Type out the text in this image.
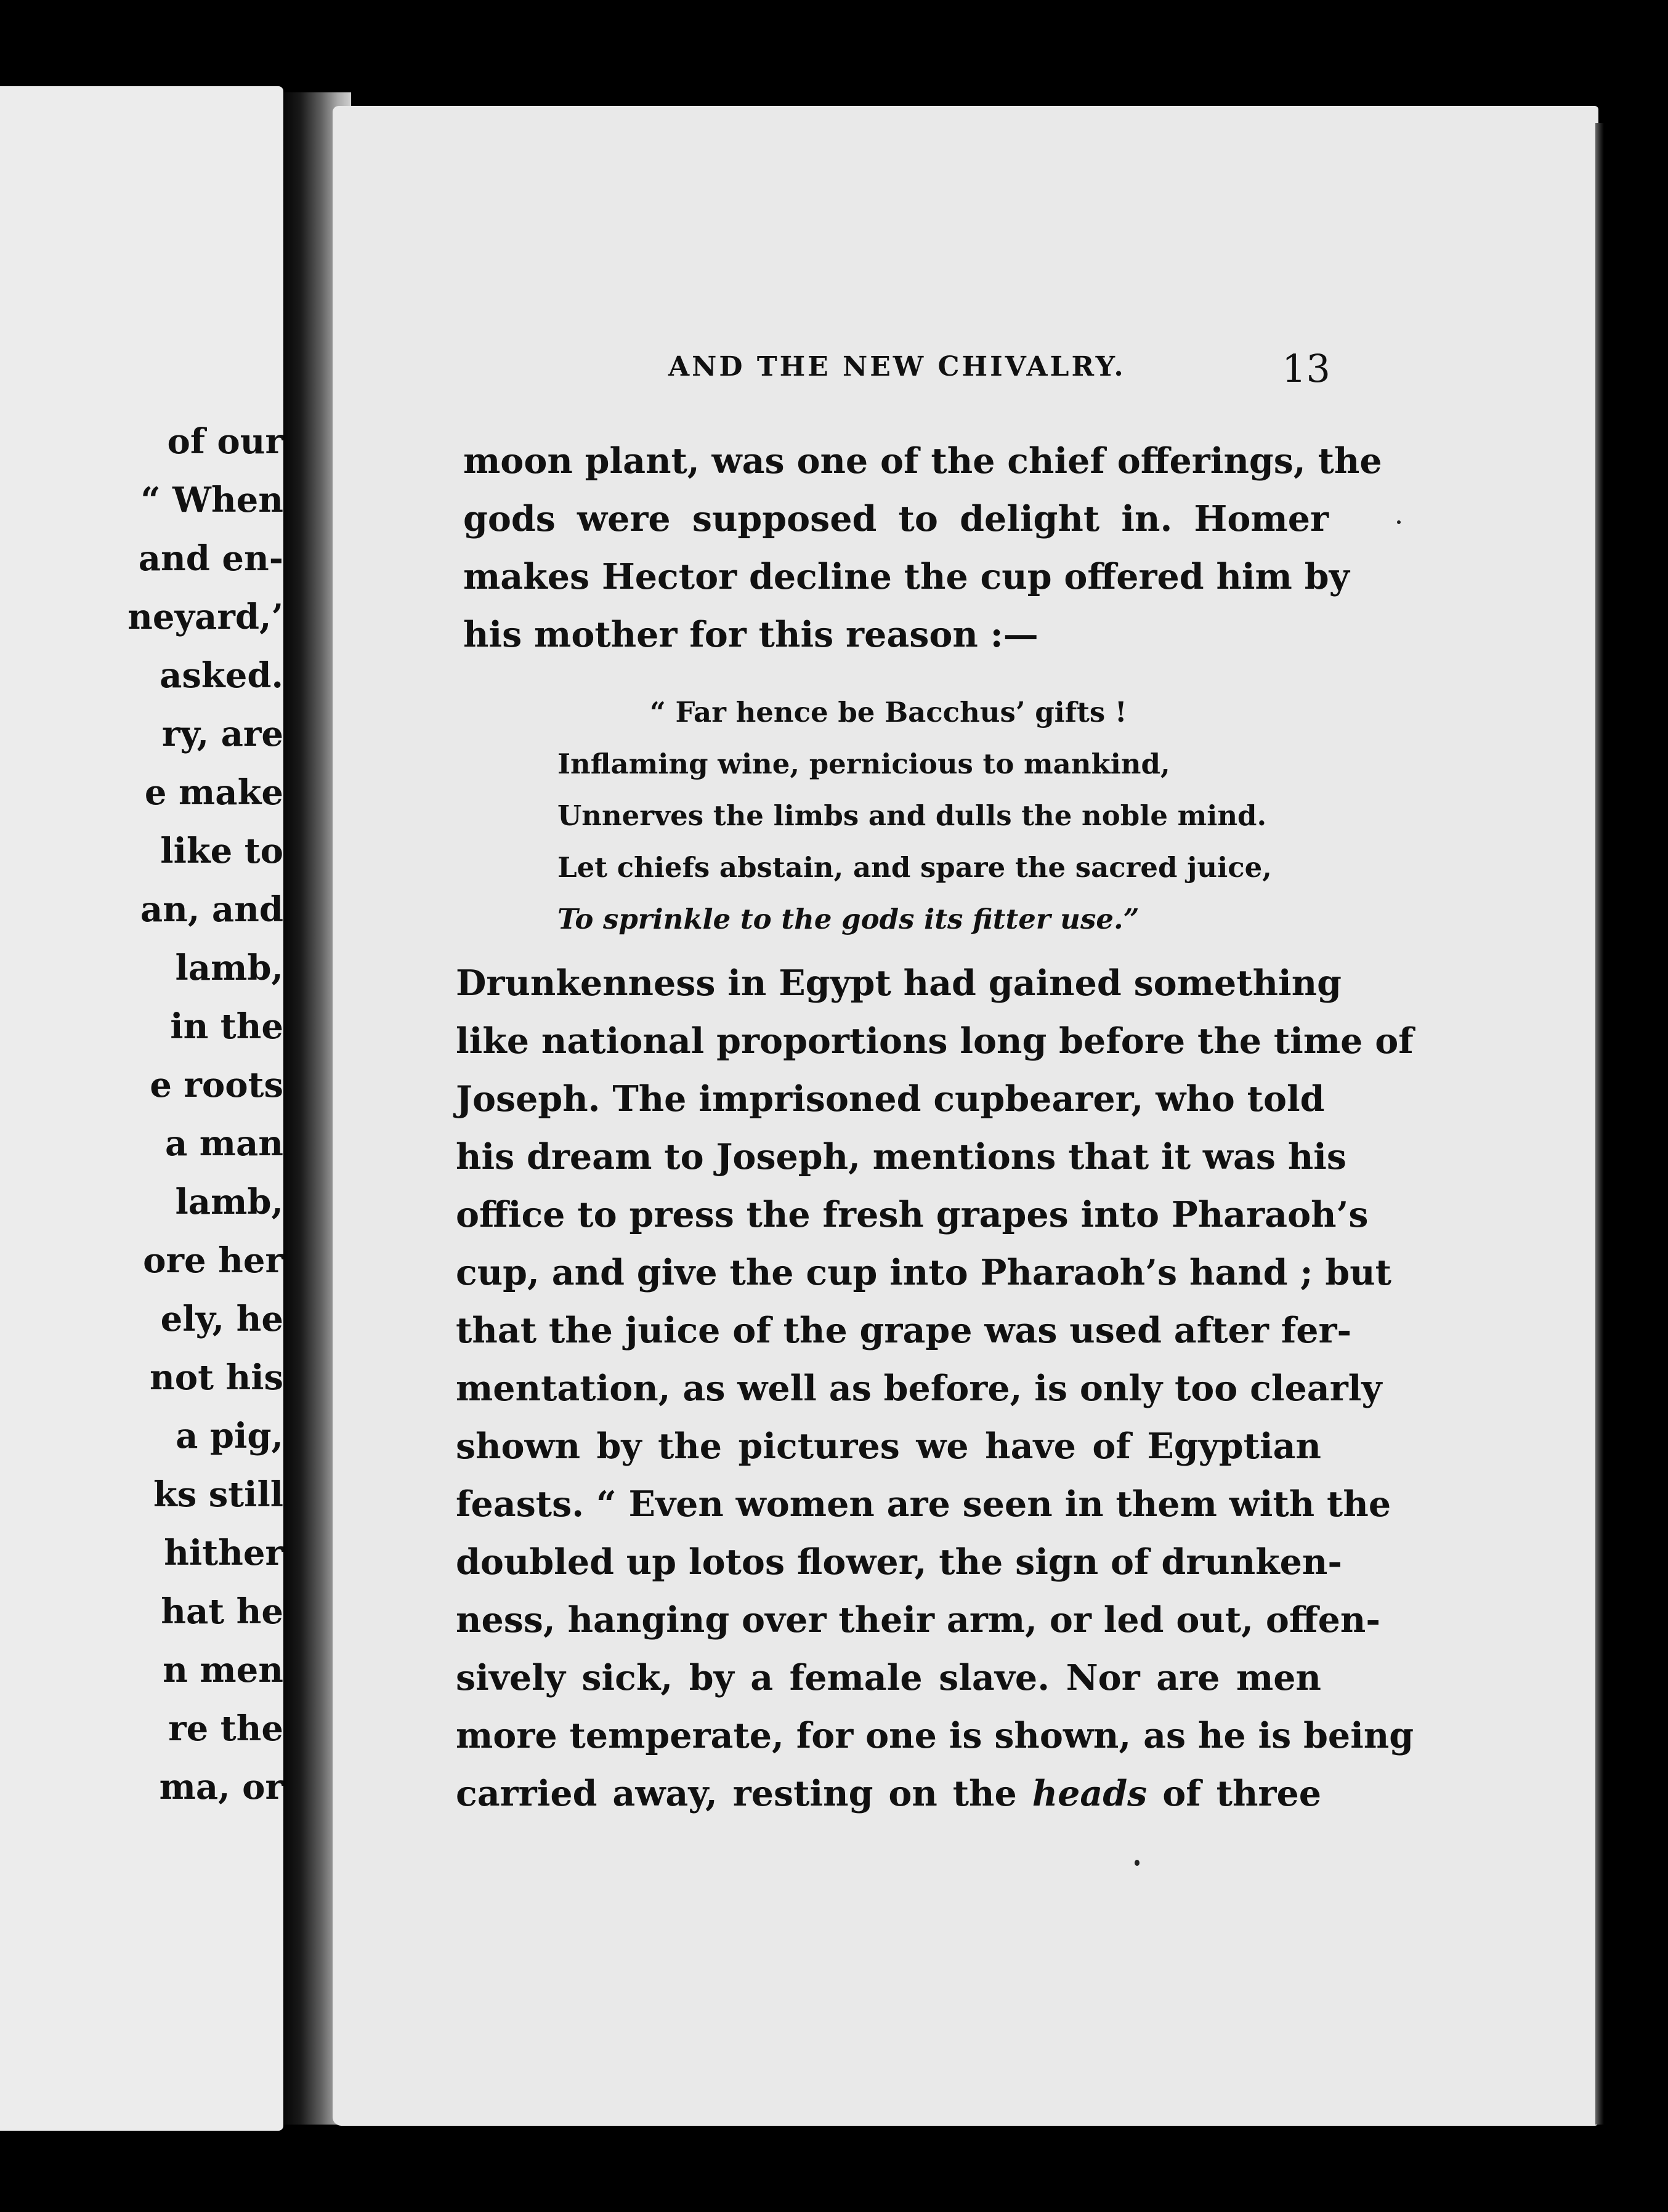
of our
“ When
and en-
neyard,’
asked.
ry, are
e make
like to
an, and
lamb,
in the
e roots
a man
lamb,
ore her
ely, he
not his
a pig,
ks still
hither
hat he
n men
re the
ma, or
AND THE NEW CHIVALRY.	13
moon plant, was one of the chief offerings, the
gods were supposed to delight in. Homer
makes Hector decline the cup offered him by
his mother for this reason :—
“ Far hence be Bacchus’ gifts !
Inflaming wine, pernicious to mankind,
Unnerves the limbs and dulls the noble mind.
Let chiefs abstain, and spare the sacred juice,
To sprinkle to the gods its fitter use.”
Drunkenness in Egypt had gained something
like national proportions long before the time of
Joseph. The imprisoned cupbearer, who told
his dream to Joseph, mentions that it was his
office to press the fresh grapes into Pharaoh’s
cup, and give the cup into Pharaoh’s hand ; but
that the juice of the grape was used after fer-
mentation, as well as before, is only too clearly
shown by the pictures we have of Egyptian
feasts. “ Even women are seen in them with the
doubled up lotos flower, the sign of drunken-
ness, hanging over their arm, or led out, offen-
sively sick, by a female slave. Nor are men
more temperate, for one is shown, as he is being
carried away, resting on the heads of three
